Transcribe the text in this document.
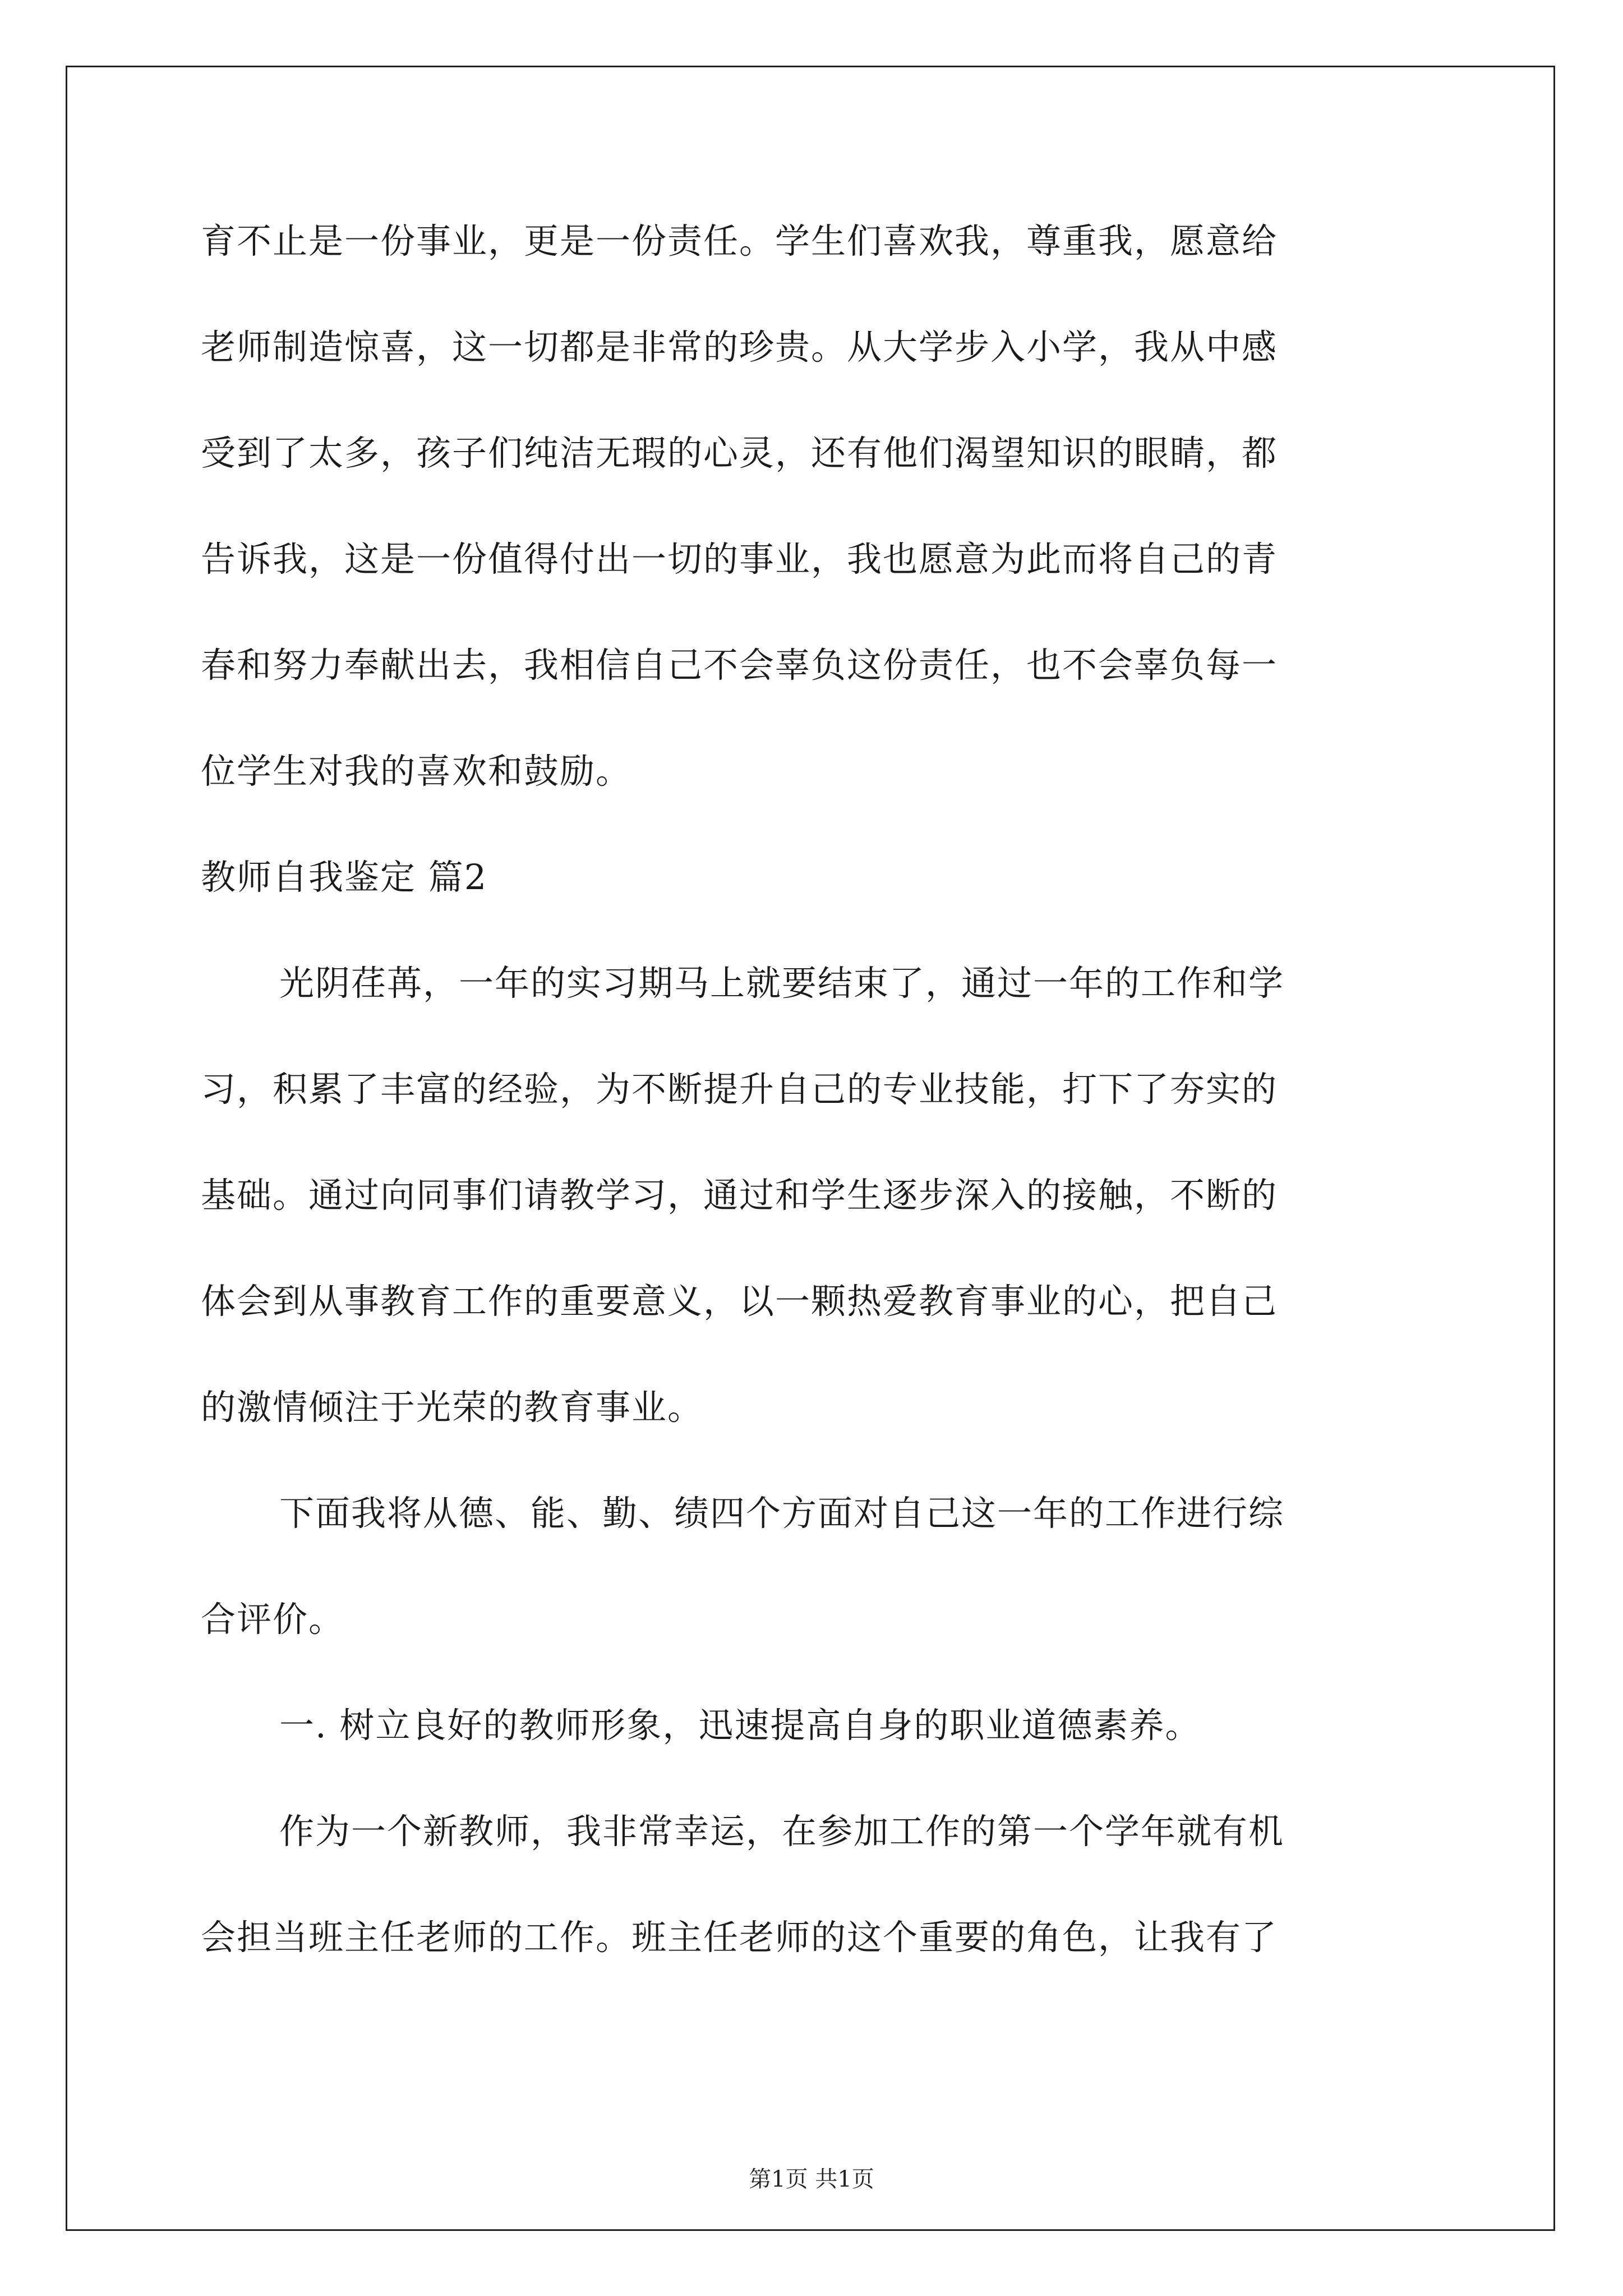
育不止是一份事业，更是一份责任。学生们喜欢我，尊重我，愿意给
老师制造惊喜，这一切都是非常的珍贵。从大学步入小学，我从中感
受到了太多，孩子们纯洁无瑕的心灵，还有他们渴望知识的眼睛，都
告诉我，这是一份值得付出一切的事业，我也愿意为此而将自己的青
春和努力奉献出去，我相信自己不会辜负这份责任，也不会辜负每一
位学生对我的喜欢和鼓励。
教师自我鉴定 篇2
光阴荏苒，一年的实习期马上就要结束了，通过一年的工作和学
习，积累了丰富的经验，为不断提升自己的专业技能，打下了夯实的
基础。通过向同事们请教学习，通过和学生逐步深入的接触，不断的
体会到从事教育工作的重要意义，以一颗热爱教育事业的心，把自己
的激情倾注于光荣的教育事业。
下面我将从德、能、勤、绩四个方面对自己这一年的工作进行综
合评价。
一. 树立良好的教师形象，迅速提高自身的职业道德素养。
作为一个新教师，我非常幸运，在参加工作的第一个学年就有机
会担当班主任老师的工作。班主任老师的这个重要的角色，让我有了
第1页 共1页
